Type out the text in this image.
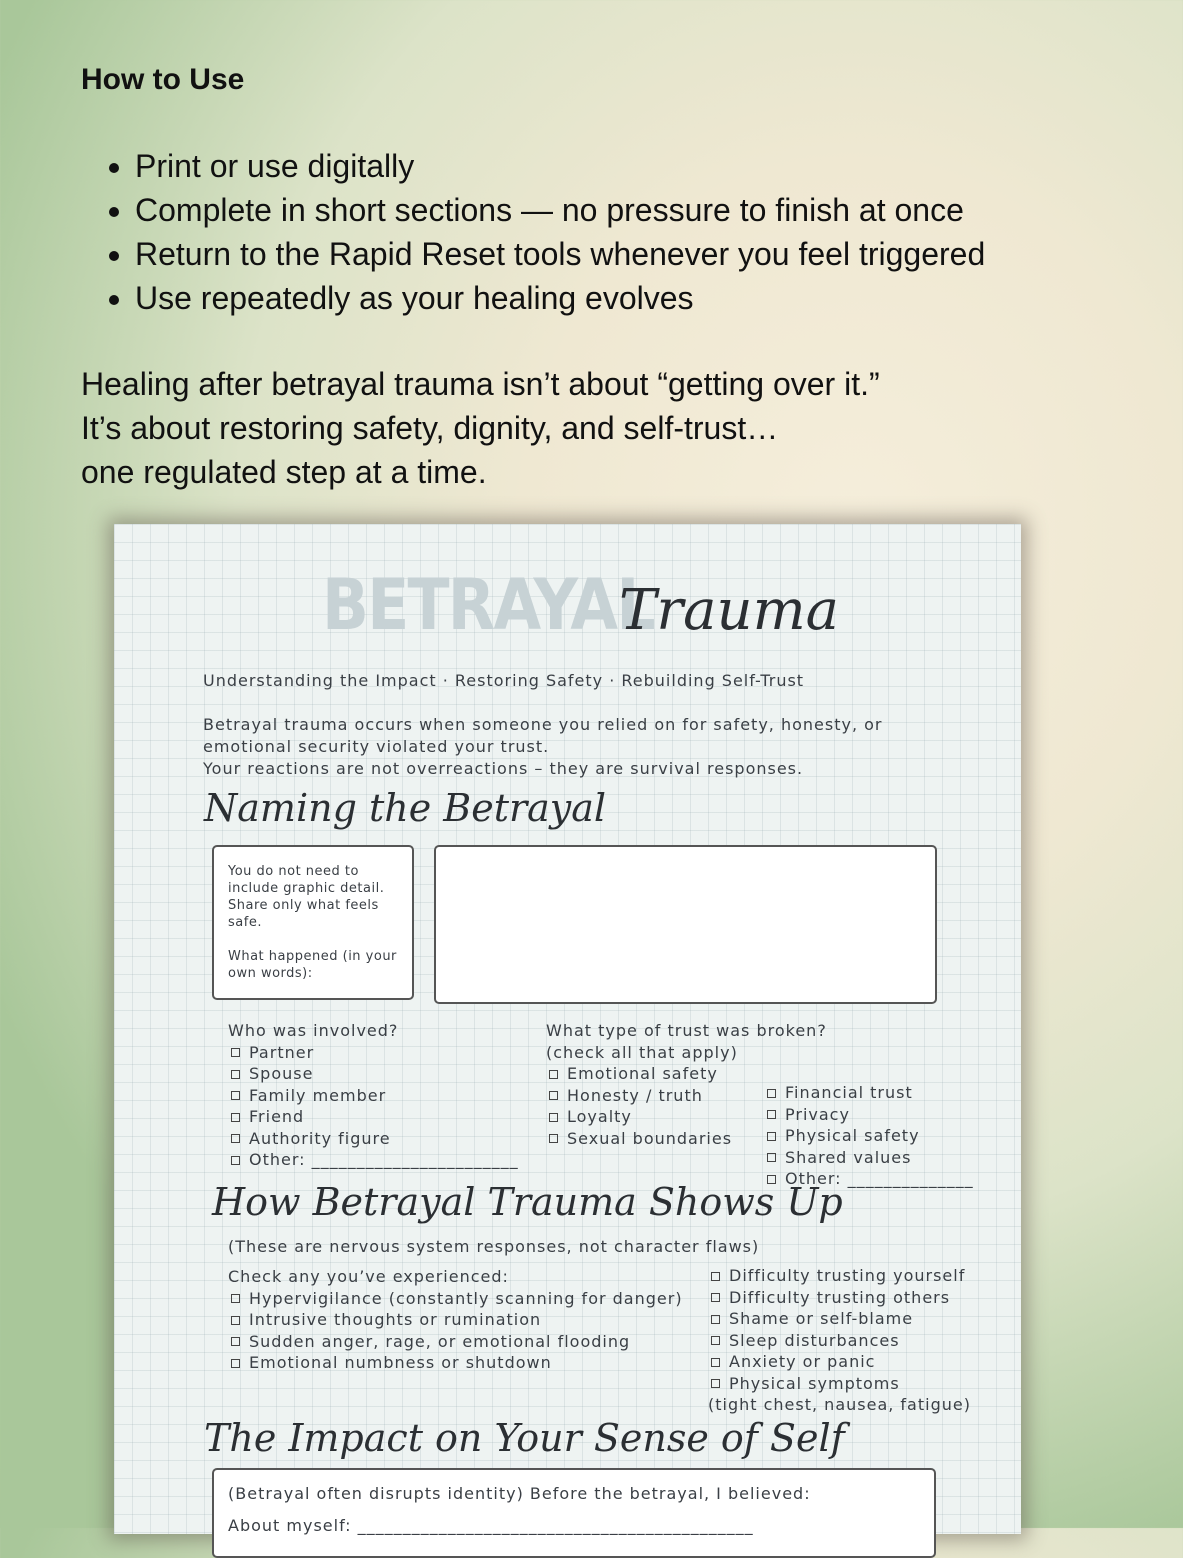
How to Use
• Print or use digitally
• Complete in short sections — no pressure to finish at once
• Return to the Rapid Reset tools whenever you feel triggered
• Use repeatedly as your healing evolves
Healing after betrayal trauma isn’t about “getting over it.”
It’s about restoring safety, dignity, and self-trust…
one regulated step at a time.
BETRAYAL
Trauma
Understanding the Impact · Restoring Safety · Rebuilding Self-Trust
Betrayal trauma occurs when someone you relied on for safety, honesty, or
emotional security violated your trust.
Your reactions are not overreactions – they are survival responses.
Naming the Betrayal
You do not need to
include graphic detail.
Share only what feels
safe.
What happened (in your
own words):
Who was involved?
Partner
Spouse
Family member
Friend
Authority figure
Other: _______________________
What type of trust was broken?
(check all that apply)
Emotional safety
Honesty / truth
Loyalty
Sexual boundaries
Financial trust
Privacy
Physical safety
Shared values
Other: ______________
How Betrayal Trauma Shows Up
(These are nervous system responses, not character flaws)
Check any you’ve experienced:
Hypervigilance (constantly scanning for danger)
Intrusive thoughts or rumination
Sudden anger, rage, or emotional flooding
Emotional numbness or shutdown
Difficulty trusting yourself
Difficulty trusting others
Shame or self-blame
Sleep disturbances
Anxiety or panic
Physical symptoms
(tight chest, nausea, fatigue)
The Impact on Your Sense of Self
(Betrayal often disrupts identity) Before the betrayal, I believed:
About myself: ____________________________________________
